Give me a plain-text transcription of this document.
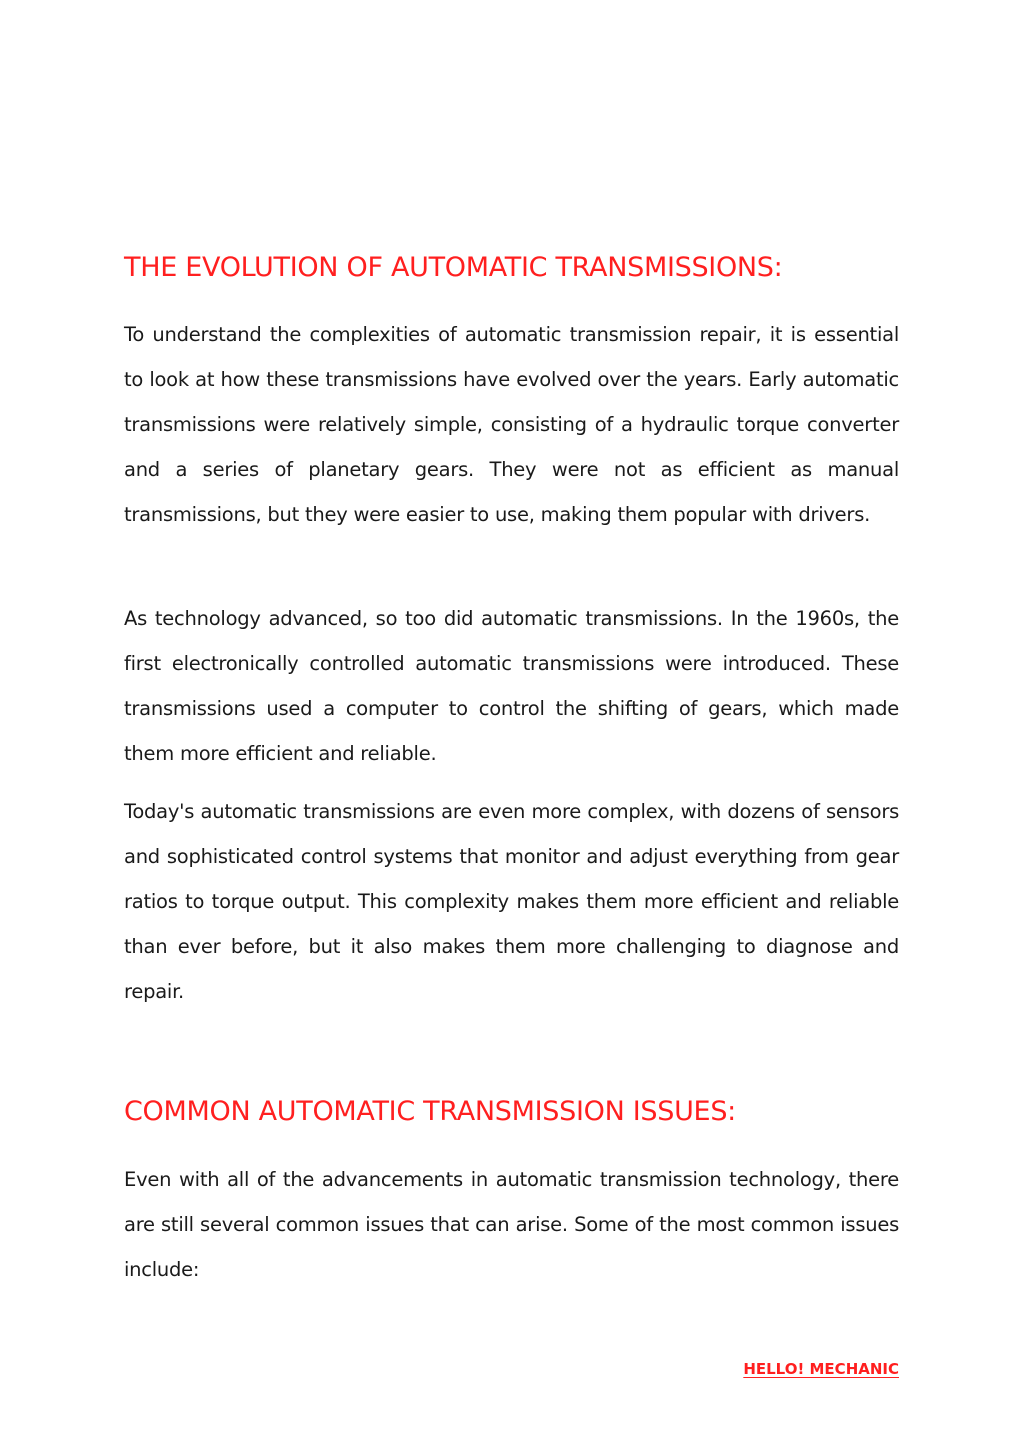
THE EVOLUTION OF AUTOMATIC TRANSMISSIONS:

To understand the complexities of automatic transmission repair, it is essential to look at how these transmissions have evolved over the years. Early automatic transmissions were relatively simple, consisting of a hydraulic torque converter and a series of planetary gears. They were not as efficient as manual transmissions, but they were easier to use, making them popular with drivers.

As technology advanced, so too did automatic transmissions. In the 1960s, the first electronically controlled automatic transmissions were introduced. These transmissions used a computer to control the shifting of gears, which made them more efficient and reliable.

Today's automatic transmissions are even more complex, with dozens of sensors and sophisticated control systems that monitor and adjust everything from gear ratios to torque output. This complexity makes them more efficient and reliable than ever before, but it also makes them more challenging to diagnose and repair.

COMMON AUTOMATIC TRANSMISSION ISSUES:

Even with all of the advancements in automatic transmission technology, there are still several common issues that can arise. Some of the most common issues include:

HELLO! MECHANIC
